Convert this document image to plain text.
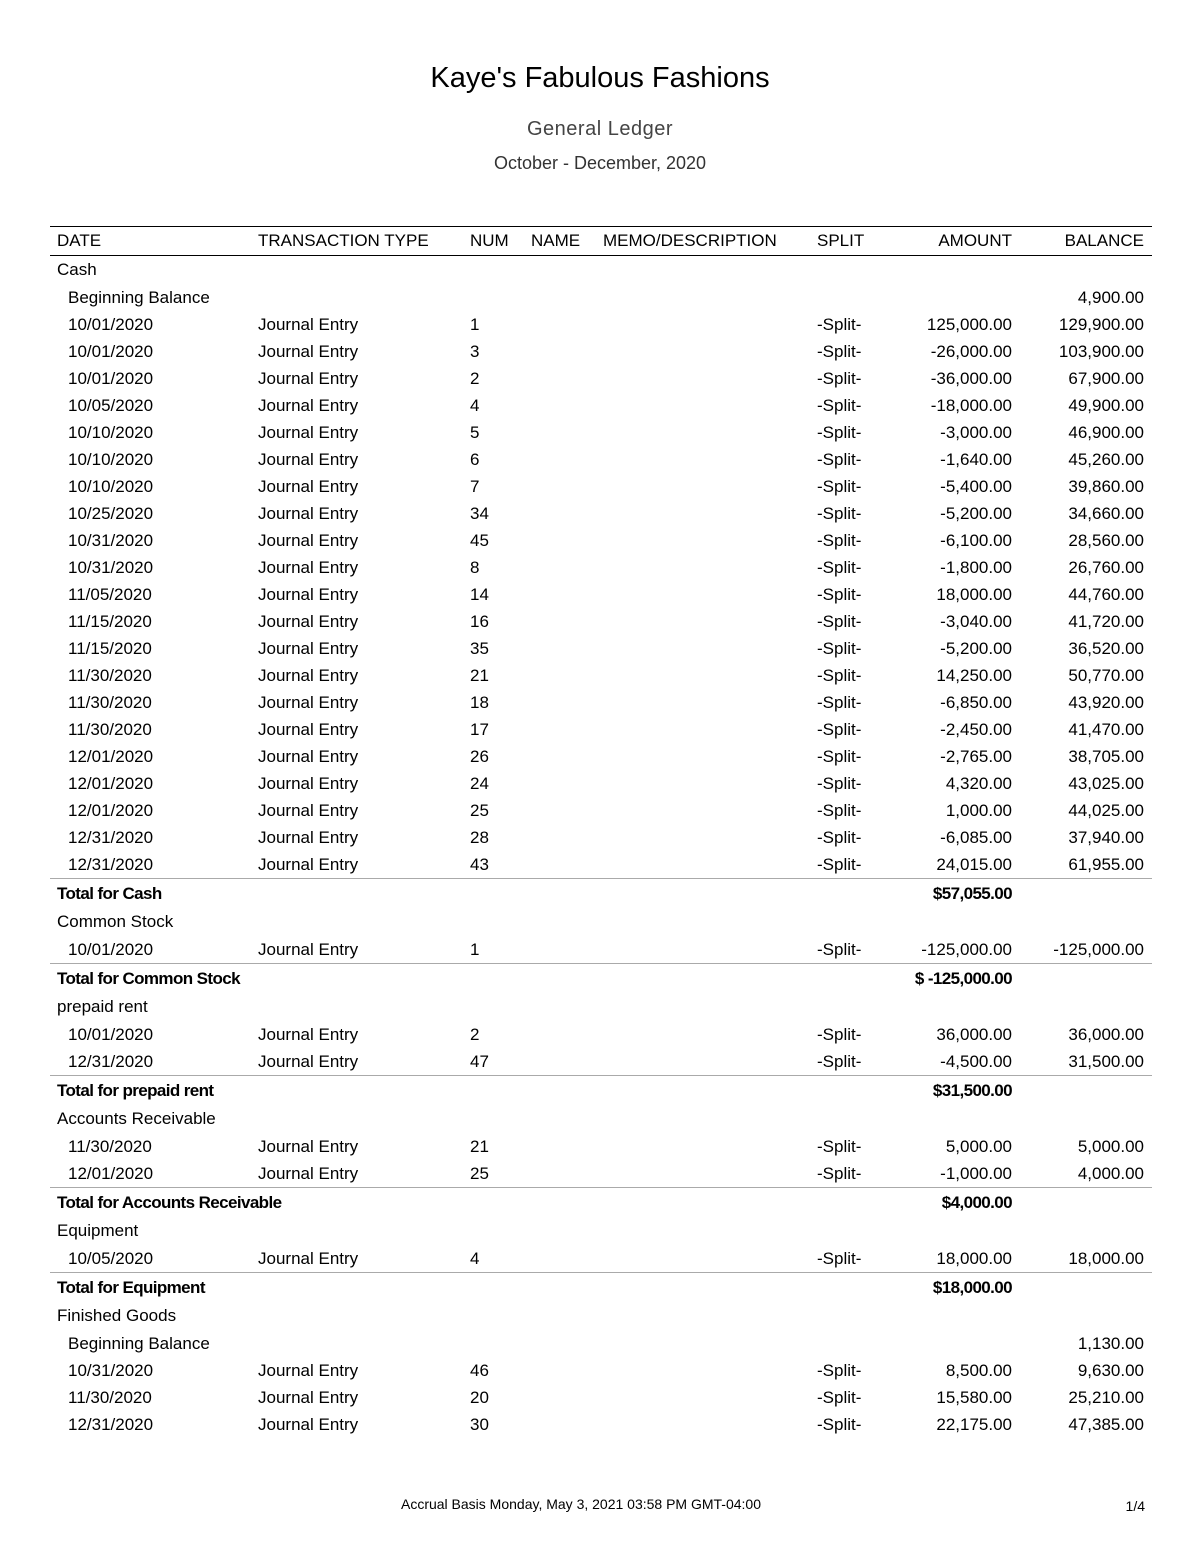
Kaye's Fabulous Fashions
General Ledger
October - December, 2020
DATE	TRANSACTION TYPE	NUM	NAME	MEMO/DESCRIPTION	SPLIT	AMOUNT	BALANCE
Cash							
Beginning Balance							4,900.00
10/01/2020	Journal Entry	1			-Split-	125,000.00	129,900.00
10/01/2020	Journal Entry	3			-Split-	-26,000.00	103,900.00
10/01/2020	Journal Entry	2			-Split-	-36,000.00	67,900.00
10/05/2020	Journal Entry	4			-Split-	-18,000.00	49,900.00
10/10/2020	Journal Entry	5			-Split-	-3,000.00	46,900.00
10/10/2020	Journal Entry	6			-Split-	-1,640.00	45,260.00
10/10/2020	Journal Entry	7			-Split-	-5,400.00	39,860.00
10/25/2020	Journal Entry	34			-Split-	-5,200.00	34,660.00
10/31/2020	Journal Entry	45			-Split-	-6,100.00	28,560.00
10/31/2020	Journal Entry	8			-Split-	-1,800.00	26,760.00
11/05/2020	Journal Entry	14			-Split-	18,000.00	44,760.00
11/15/2020	Journal Entry	16			-Split-	-3,040.00	41,720.00
11/15/2020	Journal Entry	35			-Split-	-5,200.00	36,520.00
11/30/2020	Journal Entry	21			-Split-	14,250.00	50,770.00
11/30/2020	Journal Entry	18			-Split-	-6,850.00	43,920.00
11/30/2020	Journal Entry	17			-Split-	-2,450.00	41,470.00
12/01/2020	Journal Entry	26			-Split-	-2,765.00	38,705.00
12/01/2020	Journal Entry	24			-Split-	4,320.00	43,025.00
12/01/2020	Journal Entry	25			-Split-	1,000.00	44,025.00
12/31/2020	Journal Entry	28			-Split-	-6,085.00	37,940.00
12/31/2020	Journal Entry	43			-Split-	24,015.00	61,955.00
Total for Cash						$57,055.00	
Common Stock							
10/01/2020	Journal Entry	1			-Split-	-125,000.00	-125,000.00
Total for Common Stock						$ -125,000.00	
prepaid rent							
10/01/2020	Journal Entry	2			-Split-	36,000.00	36,000.00
12/31/2020	Journal Entry	47			-Split-	-4,500.00	31,500.00
Total for prepaid rent						$31,500.00	
Accounts Receivable							
11/30/2020	Journal Entry	21			-Split-	5,000.00	5,000.00
12/01/2020	Journal Entry	25			-Split-	-1,000.00	4,000.00
Total for Accounts Receivable						$4,000.00	
Equipment							
10/05/2020	Journal Entry	4			-Split-	18,000.00	18,000.00
Total for Equipment						$18,000.00	
Finished Goods							
Beginning Balance							1,130.00
10/31/2020	Journal Entry	46			-Split-	8,500.00	9,630.00
11/30/2020	Journal Entry	20			-Split-	15,580.00	25,210.00
12/31/2020	Journal Entry	30			-Split-	22,175.00	47,385.00
Accrual Basis Monday, May 3, 2021 03:58 PM GMT-04:00	1/4
